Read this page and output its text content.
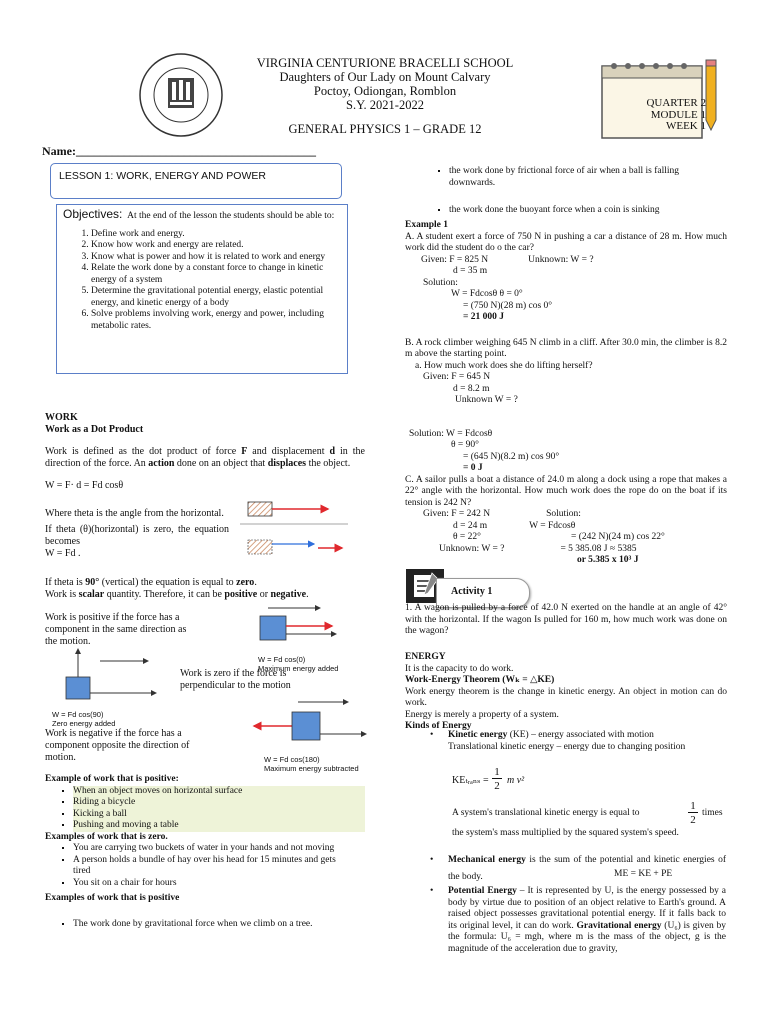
VIRGINIA CENTURIONE BRACELLI SCHOOL
Daughters of Our Lady on Mount Calvary
Poctoy, Odiongan, Romblon
S.Y. 2021-2022
GENERAL PHYSICS 1 – GRADE 12
QUARTER 2
MODULE 1
WEEK 1
Name:________________________________________
LESSON 1: WORK, ENERGY AND POWER
Objectives: At the end of the lesson the students should be able to:
1. Define work and energy.
2. Know how work and energy are related.
3. Know what is power and how it is related to work and energy
4. Relate the work done by a constant force to change in kinetic energy of a system
5. Determine the gravitational potential energy, elastic potential energy, and kinetic energy of a body
6. Solve problems involving work, energy and power, including metabolic rates.
WORK
Work as a Dot Product
Work is defined as the dot product of force F and displacement d in the direction of the force. An action done on an object that displaces the object.
W = F· d = Fd cosθ
Where theta is the angle from the horizontal.
If theta (θ)(horizontal) is zero, the equation becomes
W = Fd .
If theta is 90° (vertical) the equation is equal to zero.
Work is scalar quantity. Therefore, it can be positive or negative.
Work is positive if the force has a component in the same direction as the motion.
W = Fd cos(0)
Maximum energy added
W = Fd cos(90)
Zero energy added
Work is zero if the force is perpendicular to the motion
Work is negative if the force has a component opposite the direction of motion.	W = Fd cos(180)
Maximum energy subtracted
Example of work that is positive:
▪ When an object moves on horizontal surface
▪ Riding a bicycle
▪ Kicking a ball
▪ Pushing and moving a table
Examples of work that is zero.
▪ You are carrying two buckets of water in your hands and not moving
▪ A person holds a bundle of hay over his head for 15 minutes and gets tired
▪ You sit on a chair for hours
Examples of work that is positive
▪ The work done by gravitational force when we climb on a tree.
▪ the work done by frictional force of air when a ball is falling downwards.
▪ the work done the buoyant force when a coin is sinking
Example 1
A. A student exert a force of 750 N in pushing a car a distance of 28 m. How much work did the student do o the car?
Given: F = 825 N	Unknown: W = ?
d = 35 m
Solution:
W = Fdcosθ θ = 0°
= (750 N)(28 m) cos 0°
= 21 000 J
B. A rock climber weighing 645 N climb in a cliff. After 30.0 min, the climber is 8.2 m above the starting point.
a. How much work does she do lifting herself?
Given: F = 645 N
d = 8.2 m
Unknown W = ?
Solution: W = Fdcosθ
θ = 90°
= (645 N)(8.2 m) cos 90°
= 0 J
C. A sailor pulls a boat a distance of 24.0 m along a dock using a rope that makes a 22° angle with the horizontal. How much work does the rope do on the boat if its tension is 242 N?
Given: F = 242 N	Solution:
d = 24 m	W = Fdcosθ
θ = 22°	= (242 N)(24 m) cos 22°
Unknown: W = ?	= 5 385.08 J ≈ 5385
or 5.385 x 10³ J
Activity 1
1. A wagon is pulled by a force of 42.0 N exerted on the handle at an angle of 42° with the horizontal. If the wagon Is pulled for 160 m, how much work was done on the wagon?
ENERGY
It is the capacity to do work.
Work-Energy Theorem (Wₖ = △KE)
Work energy theorem is the change in kinetic energy. An object in motion can do work.
Energy is merely a property of a system.
Kinds of Energy
• Kinetic energy (KE) – energy associated with motion
Translational kinetic energy – energy due to changing position
KEₜᵣₐₙₛ =
1
2 m v²
A system's translational kinetic energy is equal to
1
2
times
the system's mass multiplied by the squared system's speed.
• Mechanical energy is the sum of the potential and kinetic energies of the body.	ME = KE + PE
• Potential Energy – It is represented by U, is the energy possessed by a body by virtue due to position of an object relative to Earth's ground. A raised object possesses gravitational potential energy. If it falls back to its original level, it can do work. Gravitational energy (U₆) is given by the formula: U₆ = mgh, where m is the mass of the object, g is the magnitude of the acceleration due to gravity,
